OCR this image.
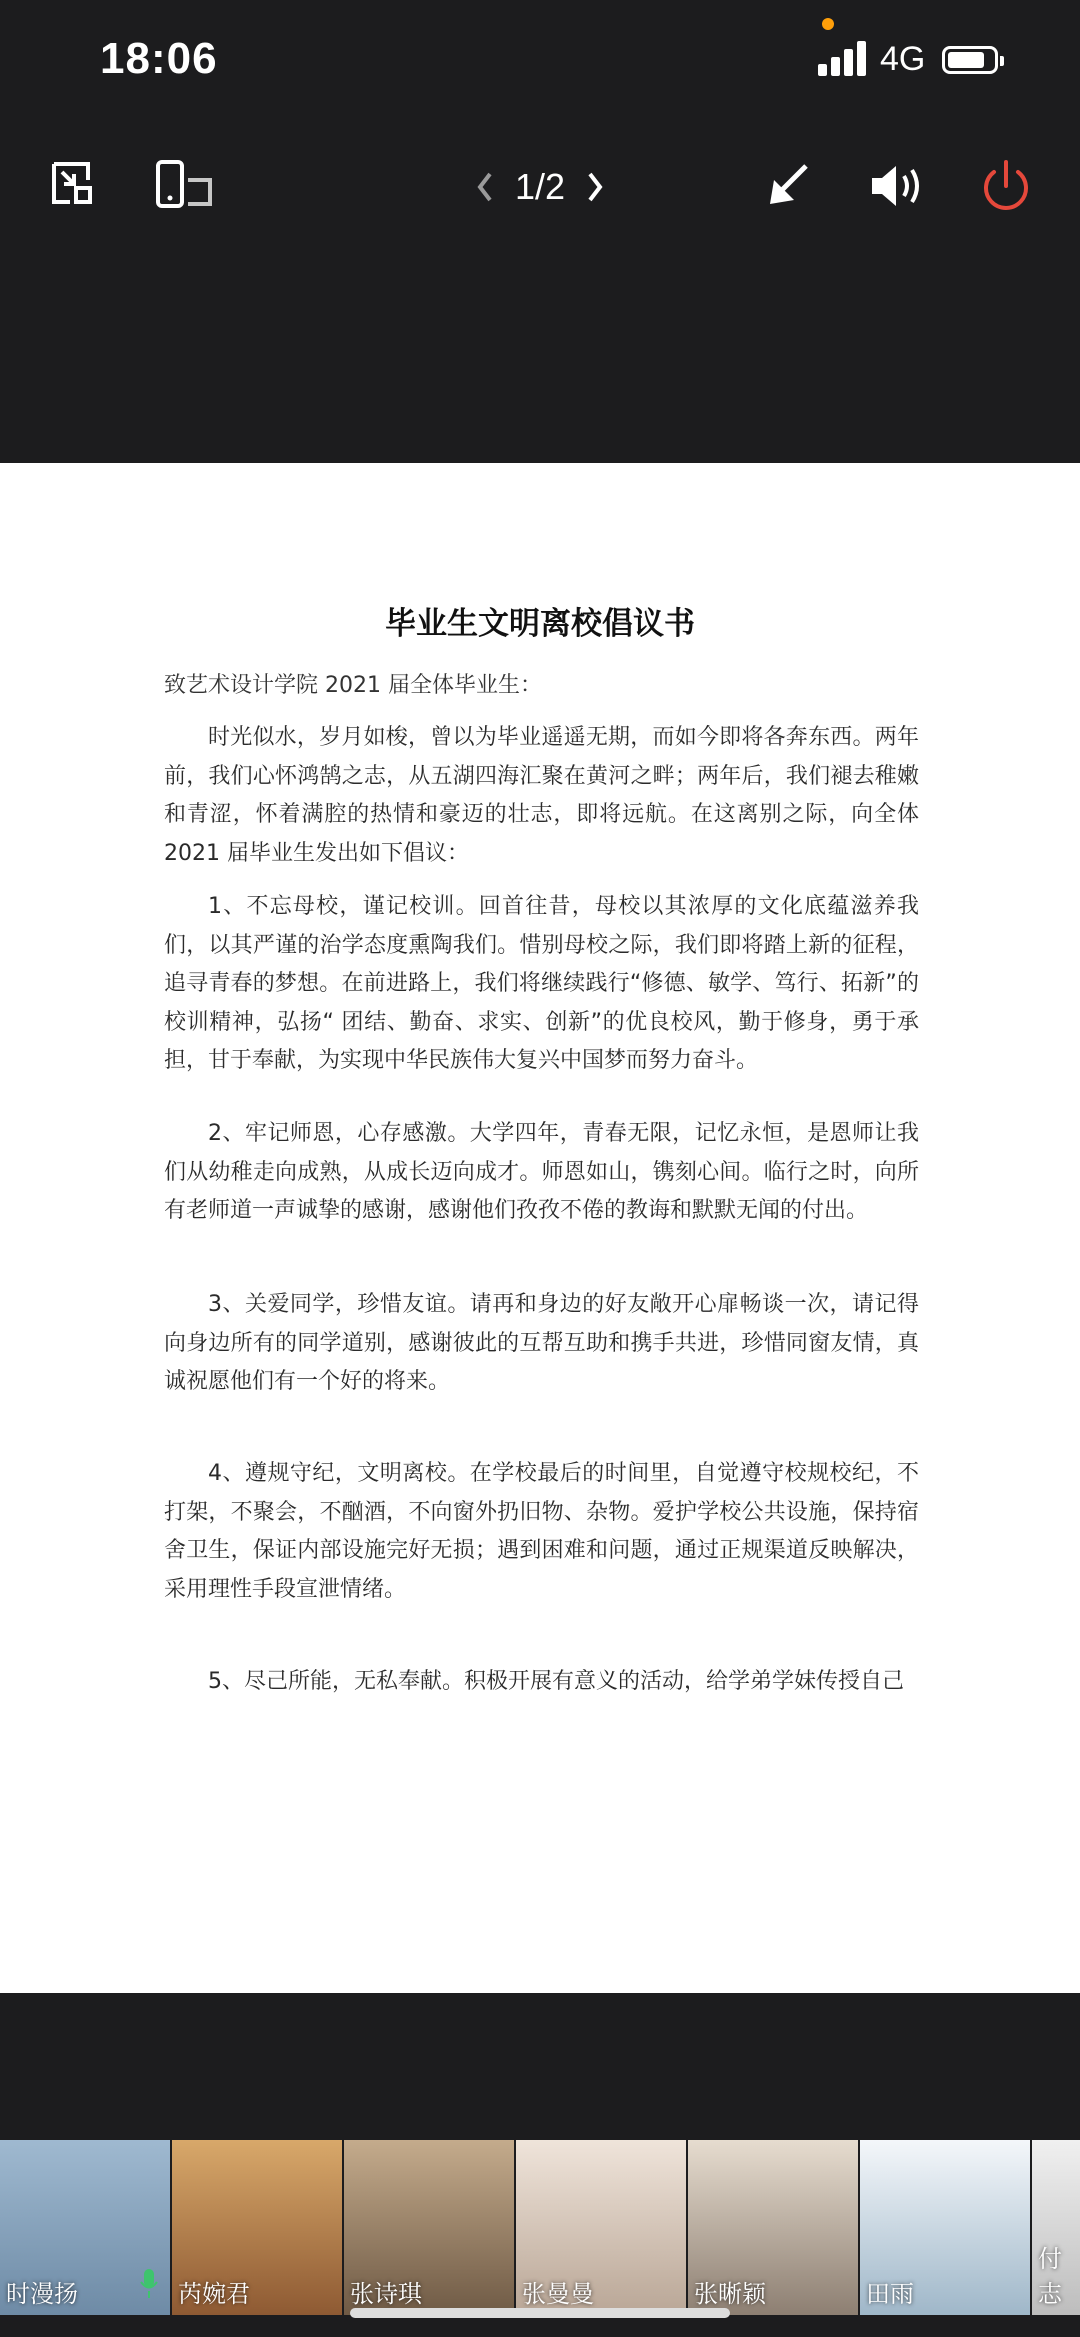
18:06	4G
1/2
毕业生文明离校倡议书
致艺术设计学院 2021 届全体毕业生：

时光似水，岁月如梭，曾以为毕业遥遥无期，而如今即将各奔东西。两年前，我们心怀鸿鹄之志，从五湖四海汇聚在黄河之畔；两年后，我们褪去稚嫩和青涩，怀着满腔的热情和豪迈的壮志，即将远航。在这离别之际，向全体 2021 届毕业生发出如下倡议：

1、不忘母校，谨记校训。回首往昔，母校以其浓厚的文化底蕴滋养我们，以其严谨的治学态度熏陶我们。惜别母校之际，我们即将踏上新的征程，追寻青春的梦想。在前进路上，我们将继续践行“修德、敏学、笃行、拓新”的校训精神，弘扬“ 团结、勤奋、求实、创新”的优良校风，勤于修身，勇于承担，甘于奉献，为实现中华民族伟大复兴中国梦而努力奋斗。

2、牢记师恩，心存感激。大学四年，青春无限，记忆永恒，是恩师让我们从幼稚走向成熟，从成长迈向成才。师恩如山，镌刻心间。临行之时，向所有老师道一声诚挚的感谢，感谢他们孜孜不倦的教诲和默默无闻的付出。

3、关爱同学，珍惜友谊。请再和身边的好友敞开心扉畅谈一次，请记得向身边所有的同学道别，感谢彼此的互帮互助和携手共进，珍惜同窗友情，真诚祝愿他们有一个好的将来。

4、遵规守纪，文明离校。在学校最后的时间里，自觉遵守校规校纪，不打架，不聚会，不酗酒，不向窗外扔旧物、杂物。爱护学校公共设施，保持宿舍卫生，保证内部设施完好无损；遇到困难和问题，通过正规渠道反映解决，采用理性手段宣泄情绪。

5、尽己所能，无私奉献。积极开展有意义的活动，给学弟学妹传授自己

时漫扬	芮婉君	张诗琪	张曼曼	张晰颖	田雨
付志
